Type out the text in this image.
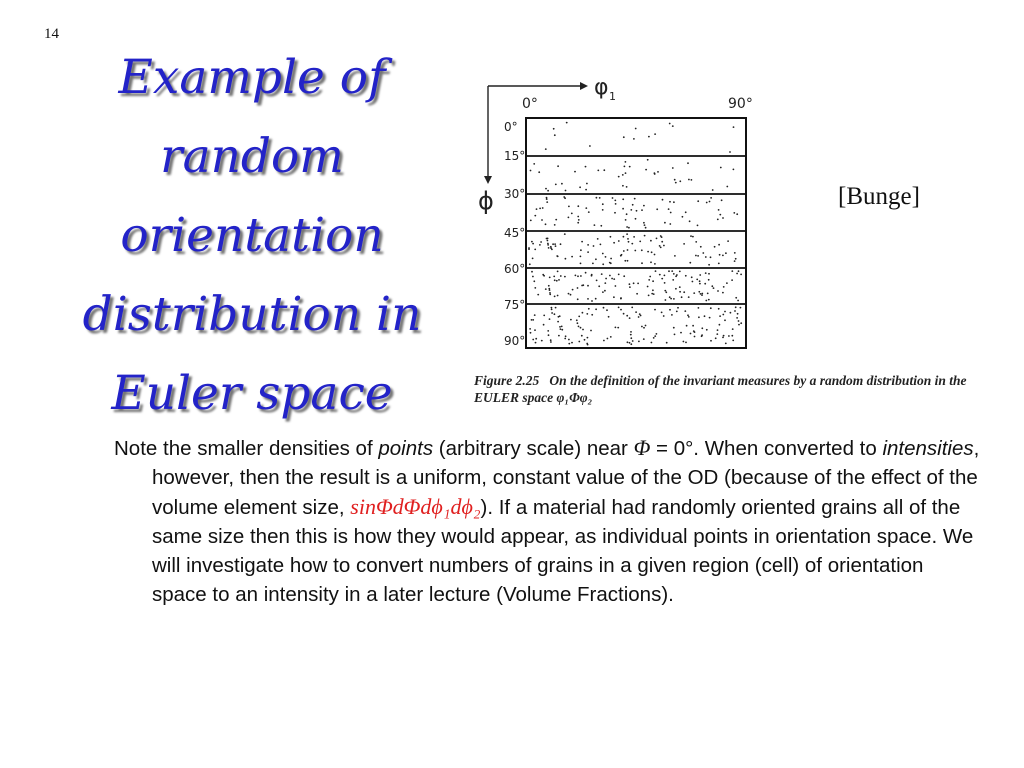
14
Example of
random
orientation
distribution in
Euler space
φ 1
ϕ
0°	90°
0°
15°
30°
45°
60°
75°
90°
[Bunge]
Figure 2.25 On the definition of the invariant measures by a random distribution in the EULER space φ₁Φφ₂
Note the smaller densities of points (arbitrary scale) near Φ = 0°. When converted to intensities, however, then the result is a uniform, constant value of the OD (because of the effect of the volume element size, sinΦdΦdϕ₁dϕ₂). If a material had randomly oriented grains all of the same size then this is how they would appear, as individual points in orientation space. We will investigate how to convert numbers of grains in a given region (cell) of orientation space to an intensity in a later lecture (Volume Fractions).
